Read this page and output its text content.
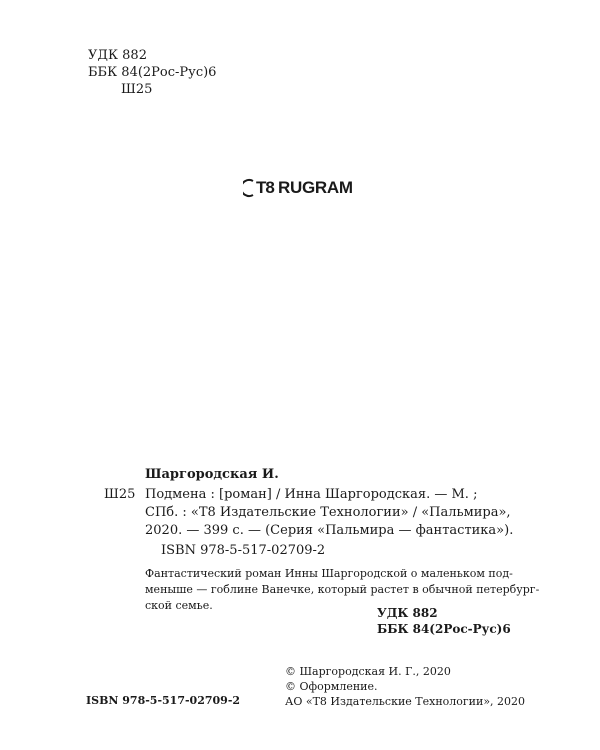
УДК 882
ББК 84(2Рос-Рус)6
Ш25
T8 RUGRAM
Шаргородская И.
Ш25 Подмена : [роман] / Инна Шаргородская. — М. ;
СПб. : «Т8 Издательские Технологии» / «Пальмира»,
2020. — 399 с. — (Серия «Пальмира — фантастика»).
ISBN 978-5-517-02709-2
Фантастический роман Инны Шаргородской о маленьком под-
меныше — гоблине Ванечке, который растет в обычной петербург-
ской семье.
УДК 882
ББК 84(2Рос-Рус)6
© Шаргородская И. Г., 2020
© Оформление.
АО «Т8 Издательские Технологии», 2020
ISBN 978-5-517-02709-2
